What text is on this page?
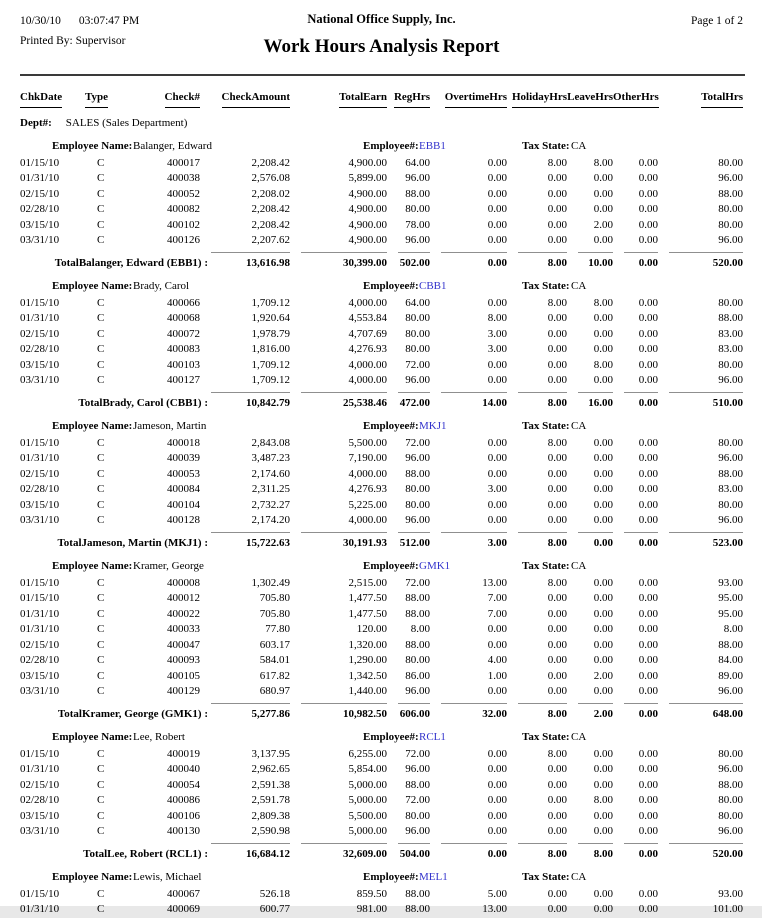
10/30/10 03:07:47 PM
Printed By: Supervisor
National Office Supply, Inc.
Work Hours Analysis Report
Page 1 of 2
ChkDate	Type	Check#	CheckAmount	TotalEarn RegHrs	OvertimeHrs HolidayHrs LeaveHrs OtherHrs	TotalHrs
Dept#: SALES (Sales Department)
Employee Name: Balanger, Edward	Employee#: EBB1	Tax State: CA
01/15/10	C	400017	2,208.42	4,900.00	64.00	0.00	8.00	8.00	0.00	80.00
01/31/10	C	400038	2,576.08	5,899.00	96.00	0.00	0.00	0.00	0.00	96.00
02/15/10	C	400052	2,208.02	4,900.00	88.00	0.00	0.00	0.00	0.00	88.00
02/28/10	C	400082	2,208.42	4,900.00	80.00	0.00	0.00	0.00	0.00	80.00
03/15/10	C	400102	2,208.42	4,900.00	78.00	0.00	0.00	2.00	0.00	80.00
03/31/10	C	400126	2,207.62	4,900.00	96.00	0.00	0.00	0.00	0.00	96.00
TotalBalanger, Edward (EBB1) :	13,616.98	30,399.00 502.00	0.00	8.00	10.00	0.00	520.00
Employee Name: Brady, Carol	Employee#: CBB1	Tax State: CA
01/15/10	C	400066	1,709.12	4,000.00	64.00	0.00	8.00	8.00	0.00	80.00
01/31/10	C	400068	1,920.64	4,553.84	80.00	8.00	0.00	0.00	0.00	88.00
02/15/10	C	400072	1,978.79	4,707.69	80.00	3.00	0.00	0.00	0.00	83.00
02/28/10	C	400083	1,816.00	4,276.93	80.00	3.00	0.00	0.00	0.00	83.00
03/15/10	C	400103	1,709.12	4,000.00	72.00	0.00	0.00	8.00	0.00	80.00
03/31/10	C	400127	1,709.12	4,000.00	96.00	0.00	0.00	0.00	0.00	96.00
TotalBrady, Carol (CBB1) :	10,842.79	25,538.46 472.00	14.00	8.00	16.00	0.00	510.00
Employee Name: Jameson, Martin	Employee#: MKJ1	Tax State: CA
01/15/10	C	400018	2,843.08	5,500.00	72.00	0.00	8.00	0.00	0.00	80.00
01/31/10	C	400039	3,487.23	7,190.00	96.00	0.00	0.00	0.00	0.00	96.00
02/15/10	C	400053	2,174.60	4,000.00	88.00	0.00	0.00	0.00	0.00	88.00
02/28/10	C	400084	2,311.25	4,276.93	80.00	3.00	0.00	0.00	0.00	83.00
03/15/10	C	400104	2,732.27	5,225.00	80.00	0.00	0.00	0.00	0.00	80.00
03/31/10	C	400128	2,174.20	4,000.00	96.00	0.00	0.00	0.00	0.00	96.00
TotalJameson, Martin (MKJ1) :	15,722.63	30,191.93 512.00	3.00	8.00	0.00	0.00	523.00
Employee Name: Kramer, George	Employee#: GMK1	Tax State: CA
01/15/10	C	400008	1,302.49	2,515.00	72.00	13.00	8.00	0.00	0.00	93.00
01/15/10	C	400012	705.80	1,477.50	88.00	7.00	0.00	0.00	0.00	95.00
01/31/10	C	400022	705.80	1,477.50	88.00	7.00	0.00	0.00	0.00	95.00
01/31/10	C	400033	77.80	120.00	8.00	0.00	0.00	0.00	0.00	8.00
02/15/10	C	400047	603.17	1,320.00	88.00	0.00	0.00	0.00	0.00	88.00
02/28/10	C	400093	584.01	1,290.00	80.00	4.00	0.00	0.00	0.00	84.00
03/15/10	C	400105	617.82	1,342.50	86.00	1.00	0.00	2.00	0.00	89.00
03/31/10	C	400129	680.97	1,440.00	96.00	0.00	0.00	0.00	0.00	96.00
TotalKramer, George (GMK1) :	5,277.86	10,982.50 606.00	32.00	8.00	2.00	0.00	648.00
Employee Name: Lee, Robert	Employee#: RCL1	Tax State: CA
01/15/10	C	400019	3,137.95	6,255.00	72.00	0.00	8.00	0.00	0.00	80.00
01/31/10	C	400040	2,962.65	5,854.00	96.00	0.00	0.00	0.00	0.00	96.00
02/15/10	C	400054	2,591.38	5,000.00	88.00	0.00	0.00	0.00	0.00	88.00
02/28/10	C	400086	2,591.78	5,000.00	72.00	0.00	0.00	8.00	0.00	80.00
03/15/10	C	400106	2,809.38	5,500.00	80.00	0.00	0.00	0.00	0.00	80.00
03/31/10	C	400130	2,590.98	5,000.00	96.00	0.00	0.00	0.00	0.00	96.00
TotalLee, Robert (RCL1) :	16,684.12	32,609.00 504.00	0.00	8.00	8.00	0.00	520.00
Employee Name: Lewis, Michael	Employee#: MEL1	Tax State: CA
01/15/10	C	400067	526.18	859.50	88.00	5.00	0.00	0.00	0.00	93.00
01/31/10	C	400069	600.77	981.00	88.00	13.00	0.00	0.00	0.00	101.00
